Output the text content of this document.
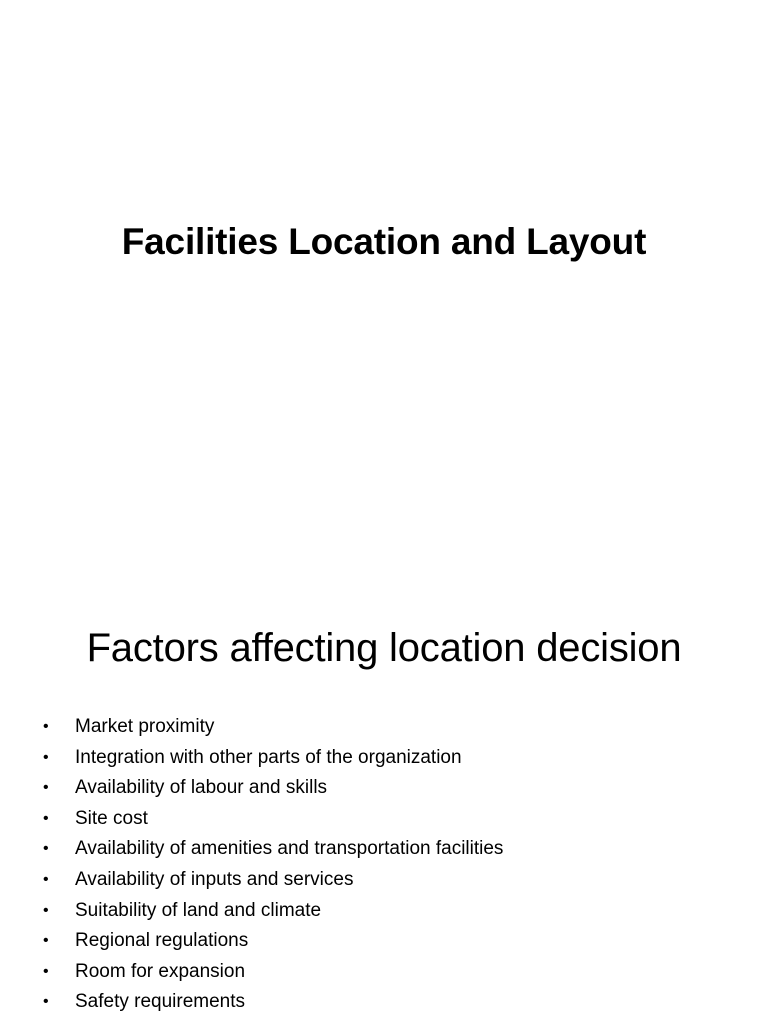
Facilities Location and Layout
Factors affecting location decision
• Market proximity
• Integration with other parts of the organization
• Availability of labour and skills
• Site cost
• Availability of amenities and transportation facilities
• Availability of inputs and services
• Suitability of land and climate
• Regional regulations
• Room for expansion
• Safety requirements
